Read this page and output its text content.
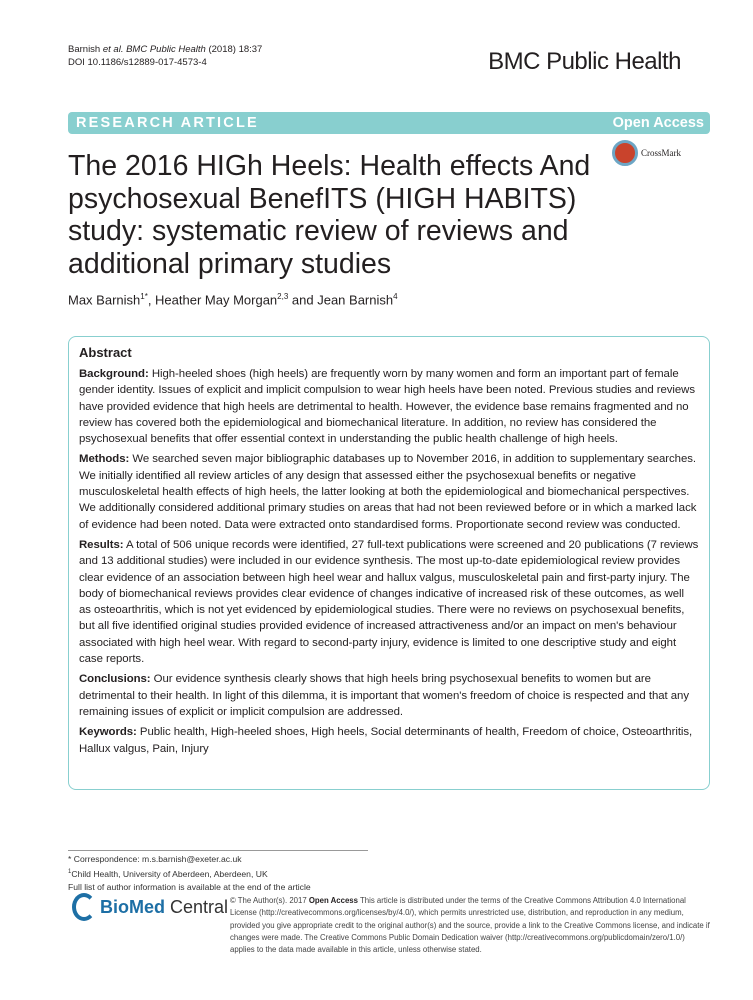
Barnish et al. BMC Public Health (2018) 18:37
DOI 10.1186/s12889-017-4573-4	BMC Public Health
RESEARCH ARTICLE	Open Access
The 2016 HIGh Heels: Health effects And psychosexual BenefITS (HIGH HABITS) study: systematic review of reviews and additional primary studies
CrossMark
Max Barnish$^{1*}$, Heather May Morgan$^{2,3}$ and Jean Barnish$^4$
Abstract

Background: High-heeled shoes (high heels) are frequently worn by many women and form an important part of female gender identity. Issues of explicit and implicit compulsion to wear high heels have been noted. Previous studies and reviews have provided evidence that high heels are detrimental to health. However, the evidence base remains fragmented and no review has covered both the epidemiological and biomechanical literature. In addition, no review has considered the psychosexual benefits that offer essential context in understanding the public health challenge of high heels.

Methods: We searched seven major bibliographic databases up to November 2016, in addition to supplementary searches. We initially identified all review articles of any design that assessed either the psychosexual benefits or negative musculoskeletal health effects of high heels, the latter looking at both the epidemiological and biomechanical perspectives. We additionally considered additional primary studies on areas that had not been reviewed before or in which a marked lack of evidence had been noted. Data were extracted onto standardised forms. Proportionate second review was conducted.

Results: A total of 506 unique records were identified, 27 full-text publications were screened and 20 publications (7 reviews and 13 additional studies) were included in our evidence synthesis. The most up-to-date epidemiological review provides clear evidence of an association between high heel wear and hallux valgus, musculoskeletal pain and first-party injury. The body of biomechanical reviews provides clear evidence of changes indicative of increased risk of these outcomes, as well as osteoarthritis, which is not yet evidenced by epidemiological studies. There were no reviews on psychosexual benefits, but all five identified original studies provided evidence of increased attractiveness and/or an impact on men's behaviour associated with high heel wear. With regard to second-party injury, evidence is limited to one descriptive study and eight case reports.

Conclusions: Our evidence synthesis clearly shows that high heels bring psychosexual benefits to women but are detrimental to their health. In light of this dilemma, it is important that women's freedom of choice is respected and that any remaining issues of explicit or implicit compulsion are addressed.

Keywords: Public health, High-heeled shoes, High heels, Social determinants of health, Freedom of choice, Osteoarthritis, Hallux valgus, Pain, Injury

* Correspondence: m.s.barnish@exeter.ac.uk
$^1$Child Health, University of Aberdeen, Aberdeen, UK
Full list of author information is available at the end of the article
BioMed Central © The Author(s). 2017 Open Access This article is distributed under the terms of the Creative Commons Attribution 4.0 International License (http://creativecommons.org/licenses/by/4.0/), which permits unrestricted use, distribution, and reproduction in any medium, provided you give appropriate credit to the original author(s) and the source, provide a link to the Creative Commons license, and indicate if changes were made. The Creative Commons Public Domain Dedication waiver (http://creativecommons.org/publicdomain/zero/1.0/) applies to the data made available in this article, unless otherwise stated.
